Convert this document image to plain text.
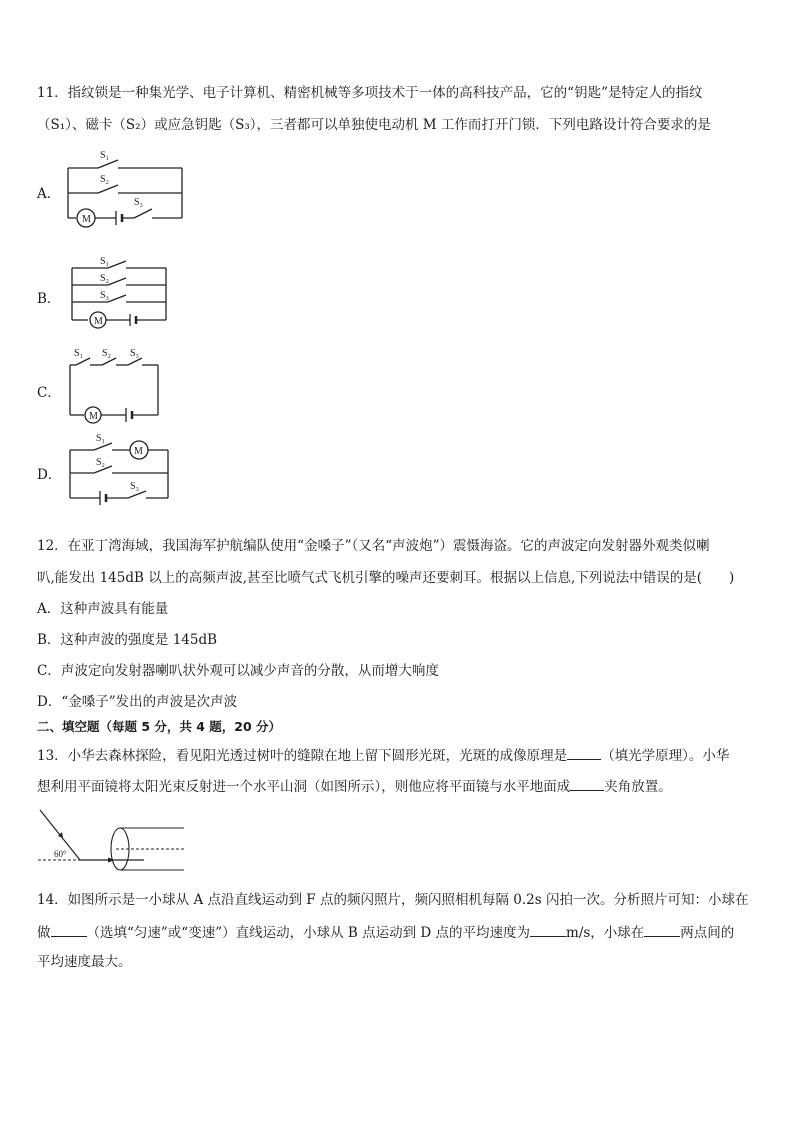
11．指纹锁是一种集光学、电子计算机、精密机械等多项技术于一体的高科技产品，它的“钥匙”是特定人的指纹
（S₁）、磁卡（S₂）或应急钥匙（S₃），三者都可以单独使电动机 M 工作而打开门锁．下列电路设计符合要求的是
A．
S₁
S₂
M
S₃
B．
S₁
S₂
S₃
M
C．
S₁ S₂ S₃
M
D．
S₁
M
S₂
S₃
12．在亚丁湾海域，我国海军护航编队使用“金嗓子”（又名“声波炮”）震慑海盗。它的声波定向发射器外观类似喇
叭,能发出 145dB 以上的高频声波,甚至比喷气式飞机引擎的噪声还要刺耳。根据以上信息,下列说法中错误的是(　　)
A．这种声波具有能量
B．这种声波的强度是 145dB
C．声波定向发射器喇叭状外观可以减少声音的分散，从而增大响度
D．“金嗓子”发出的声波是次声波
二、填空题（每题 5 分，共 4 题，20 分）
13．小华去森林探险，看见阳光透过树叶的缝隙在地上留下圆形光斑，光斑的成像原理是	（填光学原理）。小华
想利用平面镜将太阳光束反射进一个水平山洞（如图所示），则他应将平面镜与水平地面成	夹角放置。
60°
14．如图所示是一小球从 A 点沿直线运动到 F 点的频闪照片，频闪照相机每隔 0.2s 闪拍一次。分析照片可知：小球在
做	（选填“匀速”或“变速”）直线运动，小球从 B 点运动到 D 点的平均速度为	m/s，小球在	两点间的
平均速度最大。
